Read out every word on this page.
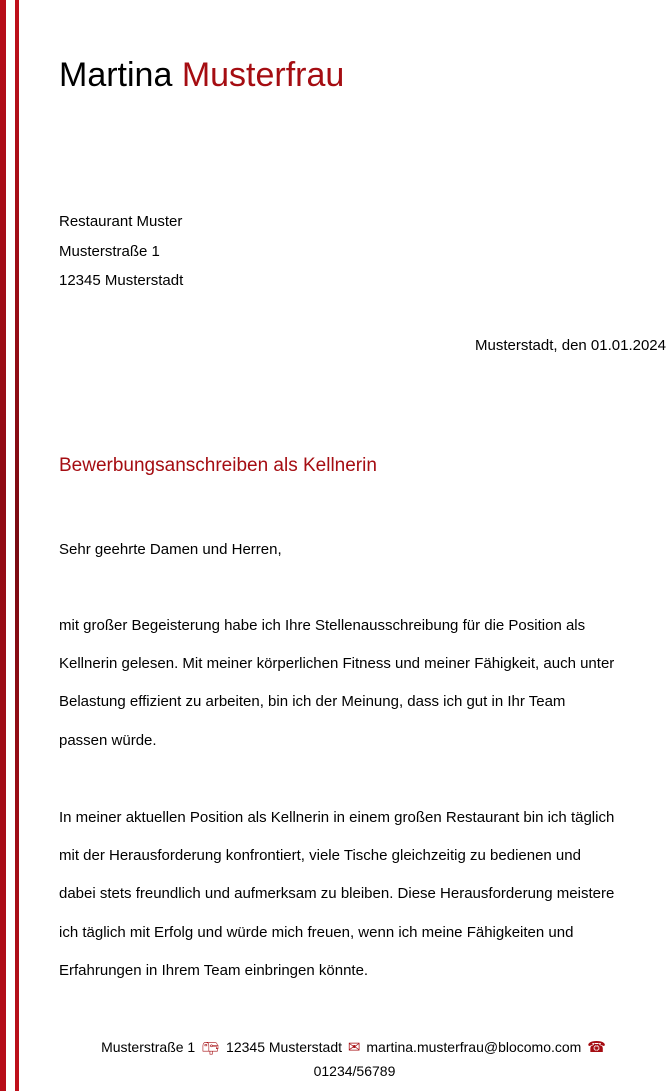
Martina Musterfrau
Restaurant Muster
Musterstraße 1
12345 Musterstadt
Musterstadt, den 01.01.2024
Bewerbungsanschreiben als Kellnerin
Sehr geehrte Damen und Herren,
mit großer Begeisterung habe ich Ihre Stellenausschreibung für die Position als
Kellnerin gelesen. Mit meiner körperlichen Fitness und meiner Fähigkeit, auch unter
Belastung effizient zu arbeiten, bin ich der Meinung, dass ich gut in Ihr Team
passen würde.
In meiner aktuellen Position als Kellnerin in einem großen Restaurant bin ich täglich
mit der Herausforderung konfrontiert, viele Tische gleichzeitig zu bedienen und
dabei stets freundlich und aufmerksam zu bleiben. Diese Herausforderung meistere
ich täglich mit Erfolg und würde mich freuen, wenn ich meine Fähigkeiten und
Erfahrungen in Ihrem Team einbringen könnte.
Musterstraße 1 📪︎ 12345 Musterstadt ✉︎ martina.musterfrau@blocomo.com ☎︎
01234/56789
